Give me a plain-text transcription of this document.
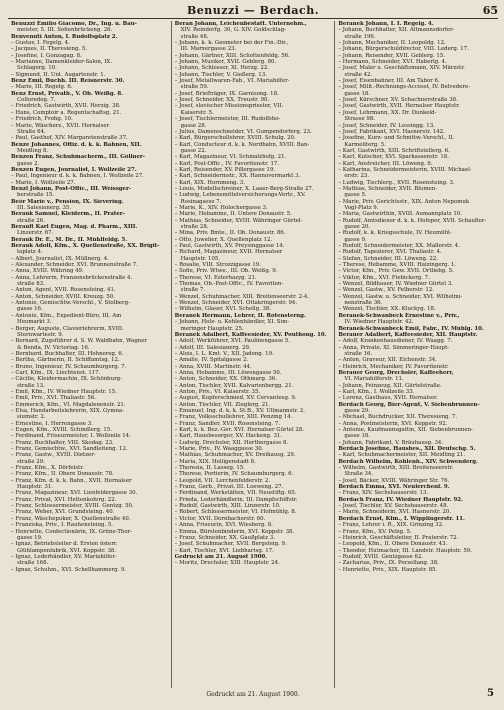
Benuzzi — Berdach.	65

Benuzzi Emilio Giacomo, Dr., Ing. u. Bau-

meister, 5. III. Sofienbrückeng. 26.

Benvenuti Anton, I. Rudolfsplatz 2.

– Gustav, I. Fegelg. 4.

– Jacques, II. Theresieng. 5.

– Josefine, I. Gonzagag. 8.

– Marianne, Damenkleider-Salon, IX.

Schlagerg. 10.

– Sigmund, II. Unt. Augartenstr. 1.

Benz Emil, Buchh. III. Reisnerstr. 30.

– Marie, III. Regelg. 6.

Benz Ernst, Privatb., V. Ob. Weißg. 8.

Colloredog. 7.

– Friedrich, Gastwirth, XVII. Herzig. 38.

– Hans, Comptoir a. Regentschaftsg. 21.

– Friedrich, Frohg. 10.

– Marie, Wäscherz., XVII. Hernalser

Straße 64.

– Paul, Gasthof, XIV. Margaretenstraße 37.

Benze Johannes, Offiz. d. k. k. Bahnen, XII.

Meidling 8.

Benzen Franz, Schuhmacherm., III. Göllner-

gasse 2.

Benzen Eugen, Journalist, I. Wollzeile 27.

– Paul, Ingenieur d. k. k. Bahnen, I. Wollzeile 27.

– Marie, I. Wollzeile 27.

Benzl Johann, Post-Offic., III. Weissger-

berstraße 15.

Beör Marie v., Pension, IX. Sievering.

III. Salesianerg. 35.

Berauk Samuel, Kleiderm., II. Prater-

straße 26.

Berault Karl Eugen, Mag. d. Pharm., XIII.

Linzerstr. 67.

Berauk Dr. E., M. Dr., II. Mühlfeldg. 5.

Berauk Adolf, Kfm., X. Quellenstraße, XX. Brigit-

taplatz 4.

– Albert, Journalist, IX. Müllnerg. 4.

– Alexander, Schneider, XVI. Brunnenstraße 7.

– Anna, XVIII. Währing 49.

– Anna, Lehrerin, Franzensbrückenstraße 4.

straße 83.

– Anton, Agent, XVII. Rosensteing. 41.

– Anton, Schneider, XVIII. Kreuzg. 50.

– Antonie, Gemischtw.-Verschl., V. Stolberg-

gasse 16.

– Antonie, Kfm., Expedient-Büro, III. Am

Heumarkt 3.

– Berger, Auguste, Clavierlehrerin, XVIII.

Sternwartestr. 9.

– Bernard, Zugsführer d. S. W. Waldbahn, Wagner

& Benda, IV. Victoriag. 16.

– Bernhard, Buchhalter, III. Hohnereg. 6.

– Bertha, Gärtnerin, II. Schiffamtsg. 12.

– Bruno, Ingenieur, IV. Schaumburgerg. 7.

– Carl, Kfm., IX. Liechtenst. 117.

– Cäcilie, Kleidermachin, IX. Schönburg-

straße 13.

– Emil, Kfm., IV. Wiedner Hauptstr. 15.

– Emil, Priv., XVI. Thaliastr. 56.

– Emmerich, Kfm., VI. Magdalenenstr. 21.

– Elsa, Handarbeitslehrerin, XIX. Gymna-

siumstr. 2.

– Ernestine, I. Herrengasse 3.

– Eugen, Kfm., XVIII. Schindlerg. 15.

– Ferdinand, Friseurmeister, I. Wollzeile 14.

– Franz, Buchhalter, VIII. Skodag. 23.

– Franz, Gemischtw., XVI. Sandleiteng. 12.

– Franz, Gastw., XVIII. Dietzer-

straße 29.

– Franz, Kfm., X. Dörfelstr.

– Franz, Kfm., II. Obere Donaustr. 78.

– Franz, Kfm. d. k. k. Bahn., XVII. Hernalser

Hauptstr. 31.

– Franz, Magazineur, XVI. Lienfeldergasse 30.

– Franz, Privat, XVI. Hettenkoferg. 22.

– Franz, Schlossermeister, XVIII. Gentzg. 50.

– Franz, Weber, XVI. Grundsteing. 40.

– Franz, Wäschepuker, X. Quellenstraße 40.

– Franziska, Priv., I. Rauhensteing. 5.

– Henriette, Confectionärin, IX. Grüne-Thor-

gasse 19.

– Ignaz, Betriebsleiter d. Ersten österr.

Glühlampenfabrik, XVI. Koppstr. 38.

– Ignaz, Lederhändler, XV. Mariahilfer-

straße 168.

– Ignaz, Schuhm., XVI. Schellhammerg. 9.

Beran Johann, Leichenbestatt. Unternehm.,

XIV. Reindorfg. 30, G. XIV. Goldschlag-

straße 48.

– Johann, k. k. Geometer bei der Fin.-Dir.,

III. Marxergasse 23.

– Johann, Gärtner, XIII. Schottenfeldg. 56.

– Johann, Musiker, XVII. Geblerg. 80.

– Johann, Schlosser, XI. Herzg. 22.

– Johann, Tischler, V. Gießerg. 13.

– Josef, Metallwaren-Fab., VI. Mariahilfer-

straße 59.

– Josef, Briefträger, IX. Garnisong. 18.

– Josef, Schneider, XX. Treustr. 90.

– Josef, slavischer Missionspriester, VII.

Kaiserstr. 5.

– Josef, Tischlermeister, III. Rudolfsho-

gasse 28.

– Julius, Damenschneider, VI. Gumpendorferg. 23.

– Karl, Bürgerschullehrer, XVIII. Schulg. 20.

– Karl, Conducteur d. k. k. Nordbahn, XVIII. Ban-

gasse 22.

– Karl, Magazineur, VI. Schmalzhofg. 21.

– Karl, Post-Offic., IV. Favoritenstr. 17.

– Karl, Reisender, XV. Pillergasse 19.

– Karl, Schneidermstr., XX. Hannovermarkt 3.

– Karl, XIX. Hornmeng. 3.

– Louis, Modellschreiner, X. Laaer-Berg-Straße 27.

– Ludwig, Lebensmittelversicherungs-Vertr., XV.

Rosinagasse 7.

– Marie, K., XIV. Holochergasse 3.

– Marie, Hebamme, II. Untere Donaustr. 5.

– Mathias, Schneider, XVIII. Währinger Gürtel-

straße 28.

– Mina, Priv. Bmte., II. Ob. Donaustr. 86.

– Otto, Juwelier, X. Quellenplatz 12.

– Paul, Gastwirth, XV. Preysinggasse 14.

– Richard, Magazineur, XVII. Hernalser

Hauptstr. 105.

– Rosalie, VIII. Strozzigasse 19.

– Sofie, Priv. Wtwe., III. Ob. Weißg. 9.

– Therese, VI. Esterhazyg. 21.

– Thomas, Ob.-Post-Offic., IV. Favoriten-

straße 7.

– Wenzel, Schuhmacher, XIII. Breitenseerstr. 2-4.

– Wenzel, Schneider, XVI. Ottakringerstr. 94.

– Wilhelm, Glaser, XVI. Schellg. 38.

Beranek Hermann, Lehrer, II. Rotensterng.

– Johann, Holz- u. Kohlenhändler, XI. Sim-

meringer Hauptstr. 25.

Beranek Adalbert, Kaffeesieder, XV. Pouthong. 10.

– Adolf, Werkführer, XVI. Paulinengasse 5.

– Adolf, III. Salesianerg. 29.

– Alois, I. L. Kmt. V., XII. Jadeng. 19.

– Amalie, IV. Spitalgasse 2.

– Anna, XVIII. Martinstr. 44.

– Anna, Hebamme, III. Löwengasse 50.

– Anton, Schneider, XX. Othmarg. 36.

– Anton, Tischler, XVII. Kalvarienbergg. 21.

– Anton, Priv., VI. Kaiserstr. 35.

– August, Kupferschmied, XV. Cervantesg. 9.

– Anton, Tischler, VII. Zieglerg. 21.

– Emanuel, Ing. d. k. k. St.B., XV. Ullmannstr. 2.

– Franz, Volksschullehrer, XIII. Penzing 14.

– Franz, Sandler, XVII. Rosensteing. 7.

– Karl, k. k. Bez.-Ger. XVI. Hernalser Gürtel 28.

– Karl, Hausbesorger, XV. Hackeng. 31.

– Ludwig, Drechsler, XII. Herthergasse 8.

– Marie, Priv., IV. Waaggasse 30.

– Mathias, Schuhmacher, XV. Dreihausg. 29.

– Maria, XIX. Heiligenstadt 8.

– Theresia, II. Lasseg. 15.

– Therese, Portierin, IV. Schaumburgerg. 6.

– Leopold, VII. Lerchenfelderstr. 2.

– Franz, Gerb., Privat. III. Loeweng. 27.

– Ferdinand, Werkstätten, VII. Neustiftg. 65.

– Frieda, Lederhändlerin, III. Dampfschiffstr.

– Rudolf, Gastwirth, XIII. Linzerstr. 10.

– Robert, Schlossermeister, VI. Hofmühlg. 8.

– Victor, XVII. Dornbacherstr. 60.

– Anna, Friseurin, XVI. Wiesberg. 8.

– Emma, Bürstenbinderin, XVI. Koppstr. 38.

– Franz, Schneider, XX. Gaußplatz 3.

– Josef, Schuhmacher, XVII. Bergsteig. 9.

– Karl, Tischler, XVI. Liebhartsg. 17.

Gedruckt am 21. August 1900.

– Moritz, Drechsler, XIII. Hauptstr. 24.

Beranek Johann, I. I. Regelg. 4.

– Johann, Buchhalter, XII. Altmannsdorfer-

straße 196.

– Johann, Mechaniker, II. Leopoldg. 12.

– Johann, Bürgerschuldirector, VIII. Lederg. 17.

– Johann, Reisender, XVII. Geblerg. 15.

– Hermann, Schneider, XVI. Haberlg. 4.

– Josef, Maler u. Geschäftsmann, XIV. Märzstr.

straße 42.

– Josef, Eisenbahner, III. Am Tabor 6.

– Josef, Milit.-Rechnungs-Accesst, IV. Belvedere-

gasse 18.

– Josef, Kürschner, XV. Schachnerstraße 38.

– Josef, Gastwirth, XVII. Hernalser Hauptstr.

– Josef, Lehrmann, XX. Dr. Dunkeld-

Strasse 98.

– Josef, Schneider, IV. Lessingg. 13.

– Josef, Fabrikant, XVI. Hasnerstr. 142.

– Josefine, Kurz- und Schnittw.-Verschl., II.

Karmeliterg. 5.

– Karl, Gastwirth, XIII. Schriftstellerg. 6.

– Karl, Kutscher, XVI. Sparkassenstr. 18.

– Karl, Anstreicher, III. Löweng. 6.

– Katharina, Schneidermeisterin, XVIII. Michael-

erstr. 23.

– Ludwig, Tischlerg., XVII. Rosensteing. 3.

– Mathias, Schneider, XVII. Blumen-

gasse 5.

– Marie, Priv. Gerichtsstr., XIX. Anton Nepomuk

Vogl-Platz 9.

– Maria, Gastwirthin, XVIII. Aumannplatz 10.

– Rudolf, Amtsdiener d. k. k. Hofoper, XVII. Schaufler-

gasse 20.

– Rudolf, k. k. Kriegsschule, IV. Heumühl-

gasse 9.

– Rudolf, Schneidermeister, XX. Mallerstr. 4.

– Rudolf, Tapezierer, XVI. Thaliastr. 4.

– Stefan, Schneider, III. Löweng. 22.

– Therese, Hebamme, XVIII. Haizingerg. 1.

– Victor, Kfm., Priv. Gew. XVII. Ortliebg. 5.

– Viktor, Kfm., XVI. Fiebickerg. 7.

– Wenzel, Bildhauer, IV. Wiedner Gürtel 3.

– Wenzel, Gastw., XV. Felberstr. 12.

– Wenzel, Gastw. u. Schneider, XVI. Wilhelmi-

nenstraße 36.

– Wenzel, Tischler, XX. Kluckyg. 18.

Beranek-Schwanbeck Ernestine v., Priv.,

IV. Wiedner Hauptstr. 42.

Beranek-Schwanbeck Emil, Fabr., IV. Mühlg. 10.

Berauer Adalbert, Kaffeesieder, XII. Hauptstr.

– Adolf, Krankenhausdiener, IV. Waagg. 7.

– Anna, Private, XI. Simmeringer-Haupt-

straße 16.

– Anton, Graveur, XII. Eichenstr. 34.

– Heinrich, Mechaniker, IV. Favoritenstr.

Berauer Georg, Drechsler, Kaffeeherr,

VI. Mariahilferstr. 11.

– Johann, Feinzeug, XII. Gürtelstraße.

– Karl, Kfm., I. Wollzeile 33.

– Lorenz, Gasthaus, XVII. Hernalser.

Berdach Georg, Bier-Agent, V. Siebenbrunnen-

gasse 29.

– Michael, Buchdrucker, XII. Theresieng. 7.

– Anna, Postmeisterin, XVI. Koppstr. 92.

– Antonie, Kaufmannsgattin, XII. Siebenbrunnen-

gasse 18.

– Johann, Fabrikant, V. Bräuhausg. 34.

Berdach Josefine, Hausbes., XII. Deutschg. 5.

– Karl, Schuhmachermeister, XII. Meidling 21.

Berdach Wilhelm, Kohlenh., XIV. Schwenderg.

– Wilhelm, Gastwirth, XIII. Breitenseerstr.

Straße 34.

– Josef, Bäcker, XVIII. Währinger Str. 76.

Berdach Emma, XVI. Neulerchenf. 9.

– Franz, XIV. Sechshauserstr. 13.

Berdach Franz, IV. Wiedner Hauptstr. 92.

– Josef, Tischler, XV. Sechshauserstr. 48.

– Marie, Schneiderin, XVI. Hasnerstr. 20.

Berdach Ernst, Kfm., I. Wipplingerstr. 11.

– Franz, Lehrer i. R., XIX. Grinzing 32.

– Franz, Kfm., XV. Pelzg. 5.

– Heinrich, Geschäftsleiter, II. Praterstr. 72.

– Leopold, Kfm., II. Obere Donaustr. 43.

– Theodor, Hutmacher, III. Landstr. Hauptstr. 59.

– Rudolf, XVIII. Gentzgasse 62.

– Zacharias, Priv., IX. Porzellang. 38.

– Henriette, Priv., XIX. Hauptstr. 85.

Gedruckt am 21. August 1900.	5
